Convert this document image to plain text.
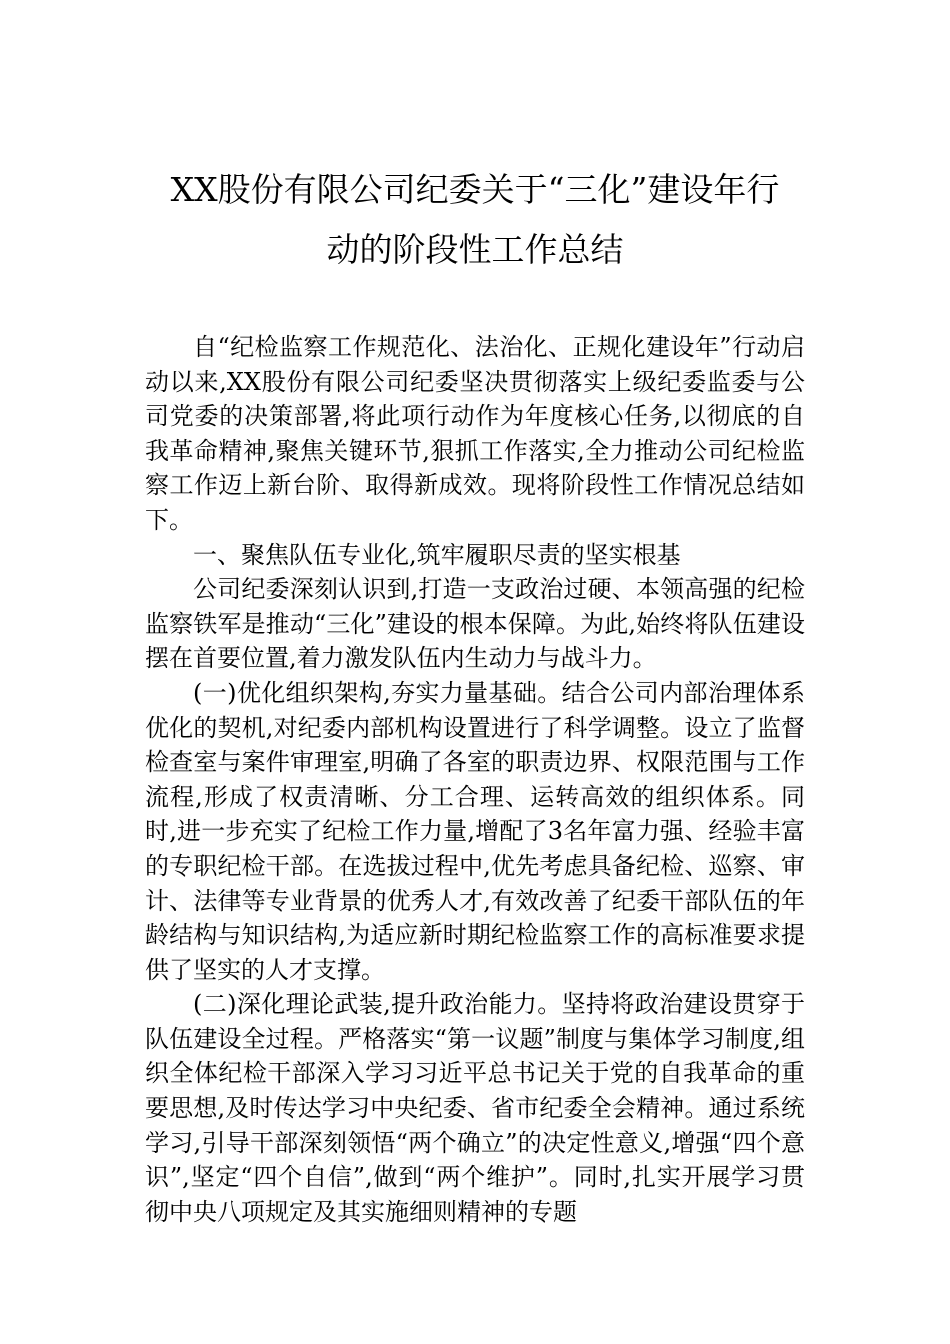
XX股份有限公司纪委关于“三化”建设年行
动的阶段性工作总结

自“纪检监察工作规范化、法治化、正规化建设年”行动启动以来,XX股份有限公司纪委坚决贯彻落实上级纪委监委与公司党委的决策部署,将此项行动作为年度核心任务,以彻底的自我革命精神,聚焦关键环节,狠抓工作落实,全力推动公司纪检监察工作迈上新台阶、取得新成效。现将阶段性工作情况总结如下。

一、聚焦队伍专业化,筑牢履职尽责的坚实根基

公司纪委深刻认识到,打造一支政治过硬、本领高强的纪检监察铁军是推动“三化”建设的根本保障。为此,始终将队伍建设摆在首要位置,着力激发队伍内生动力与战斗力。

(一)优化组织架构,夯实力量基础。结合公司内部治理体系优化的契机,对纪委内部机构设置进行了科学调整。设立了监督检查室与案件审理室,明确了各室的职责边界、权限范围与工作流程,形成了权责清晰、分工合理、运转高效的组织体系。同时,进一步充实了纪检工作力量,增配了3名年富力强、经验丰富的专职纪检干部。在选拔过程中,优先考虑具备纪检、巡察、审计、法律等专业背景的优秀人才,有效改善了纪委干部队伍的年龄结构与知识结构,为适应新时期纪检监察工作的高标准要求提供了坚实的人才支撑。

(二)深化理论武装,提升政治能力。坚持将政治建设贯穿于队伍建设全过程。严格落实“第一议题”制度与集体学习制度,组织全体纪检干部深入学习习近平总书记关于党的自我革命的重要思想,及时传达学习中央纪委、省市纪委全会精神。通过系统学习,引导干部深刻领悟“两个确立”的决定性意义,增强“四个意识”,坚定“四个自信”,做到“两个维护”。同时,扎实开展学习贯彻中央八项规定及其实施细则精神的专题
